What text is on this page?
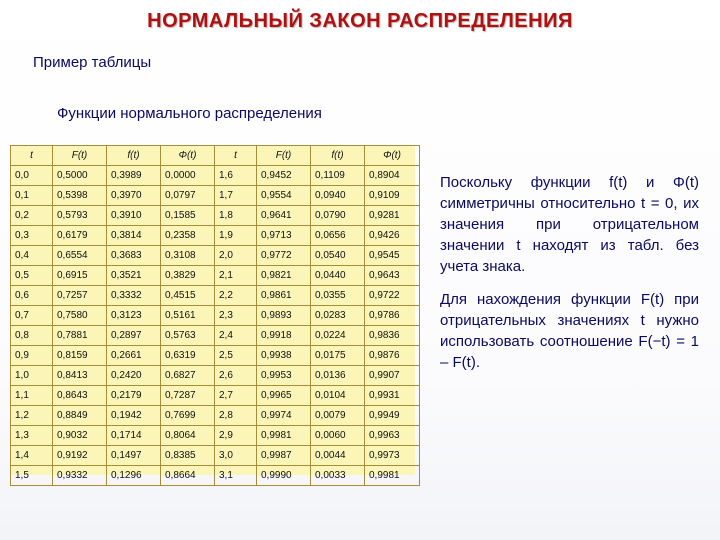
НОРМАЛЬНЫЙ ЗАКОН РАСПРЕДЕЛЕНИЯ
Пример таблицы
Функции нормального распределения
t	F(t)	f(t)	Φ(t)	t	F(t)	f(t)	Φ(t)
0,0	0,5000	0,3989	0,0000	1,6	0,9452	0,1109	0,8904
0,1	0,5398	0,3970	0,0797	1,7	0,9554	0,0940	0,9109
0,2	0,5793	0,3910	0,1585	1,8	0,9641	0,0790	0,9281
0,3	0,6179	0,3814	0,2358	1,9	0,9713	0,0656	0,9426
0,4	0,6554	0,3683	0,3108	2,0	0,9772	0,0540	0,9545
0,5	0,6915	0,3521	0,3829	2,1	0,9821	0,0440	0,9643
0,6	0,7257	0,3332	0,4515	2,2	0,9861	0,0355	0,9722
0,7	0,7580	0,3123	0,5161	2,3	0,9893	0,0283	0,9786
0,8	0,7881	0,2897	0,5763	2,4	0,9918	0,0224	0,9836
0,9	0,8159	0,2661	0,6319	2,5	0,9938	0,0175	0,9876
1,0	0,8413	0,2420	0,6827	2,6	0,9953	0,0136	0,9907
1,1	0,8643	0,2179	0,7287	2,7	0,9965	0,0104	0,9931
1,2	0,8849	0,1942	0,7699	2,8	0,9974	0,0079	0,9949
1,3	0,9032	0,1714	0,8064	2,9	0,9981	0,0060	0,9963
1,4	0,9192	0,1497	0,8385	3,0	0,9987	0,0044	0,9973
1,5	0,9332	0,1296	0,8664	3,1	0,9990	0,0033	0,9981

Поскольку функции f(t) и Φ(t) симметричны относительно t = 0, их значения при отрицательном значении t находят из табл. без учета знака.

Для нахождения функции F(t) при отрицательных значениях t нужно использовать соотношение F(−t) = 1 – F(t).
